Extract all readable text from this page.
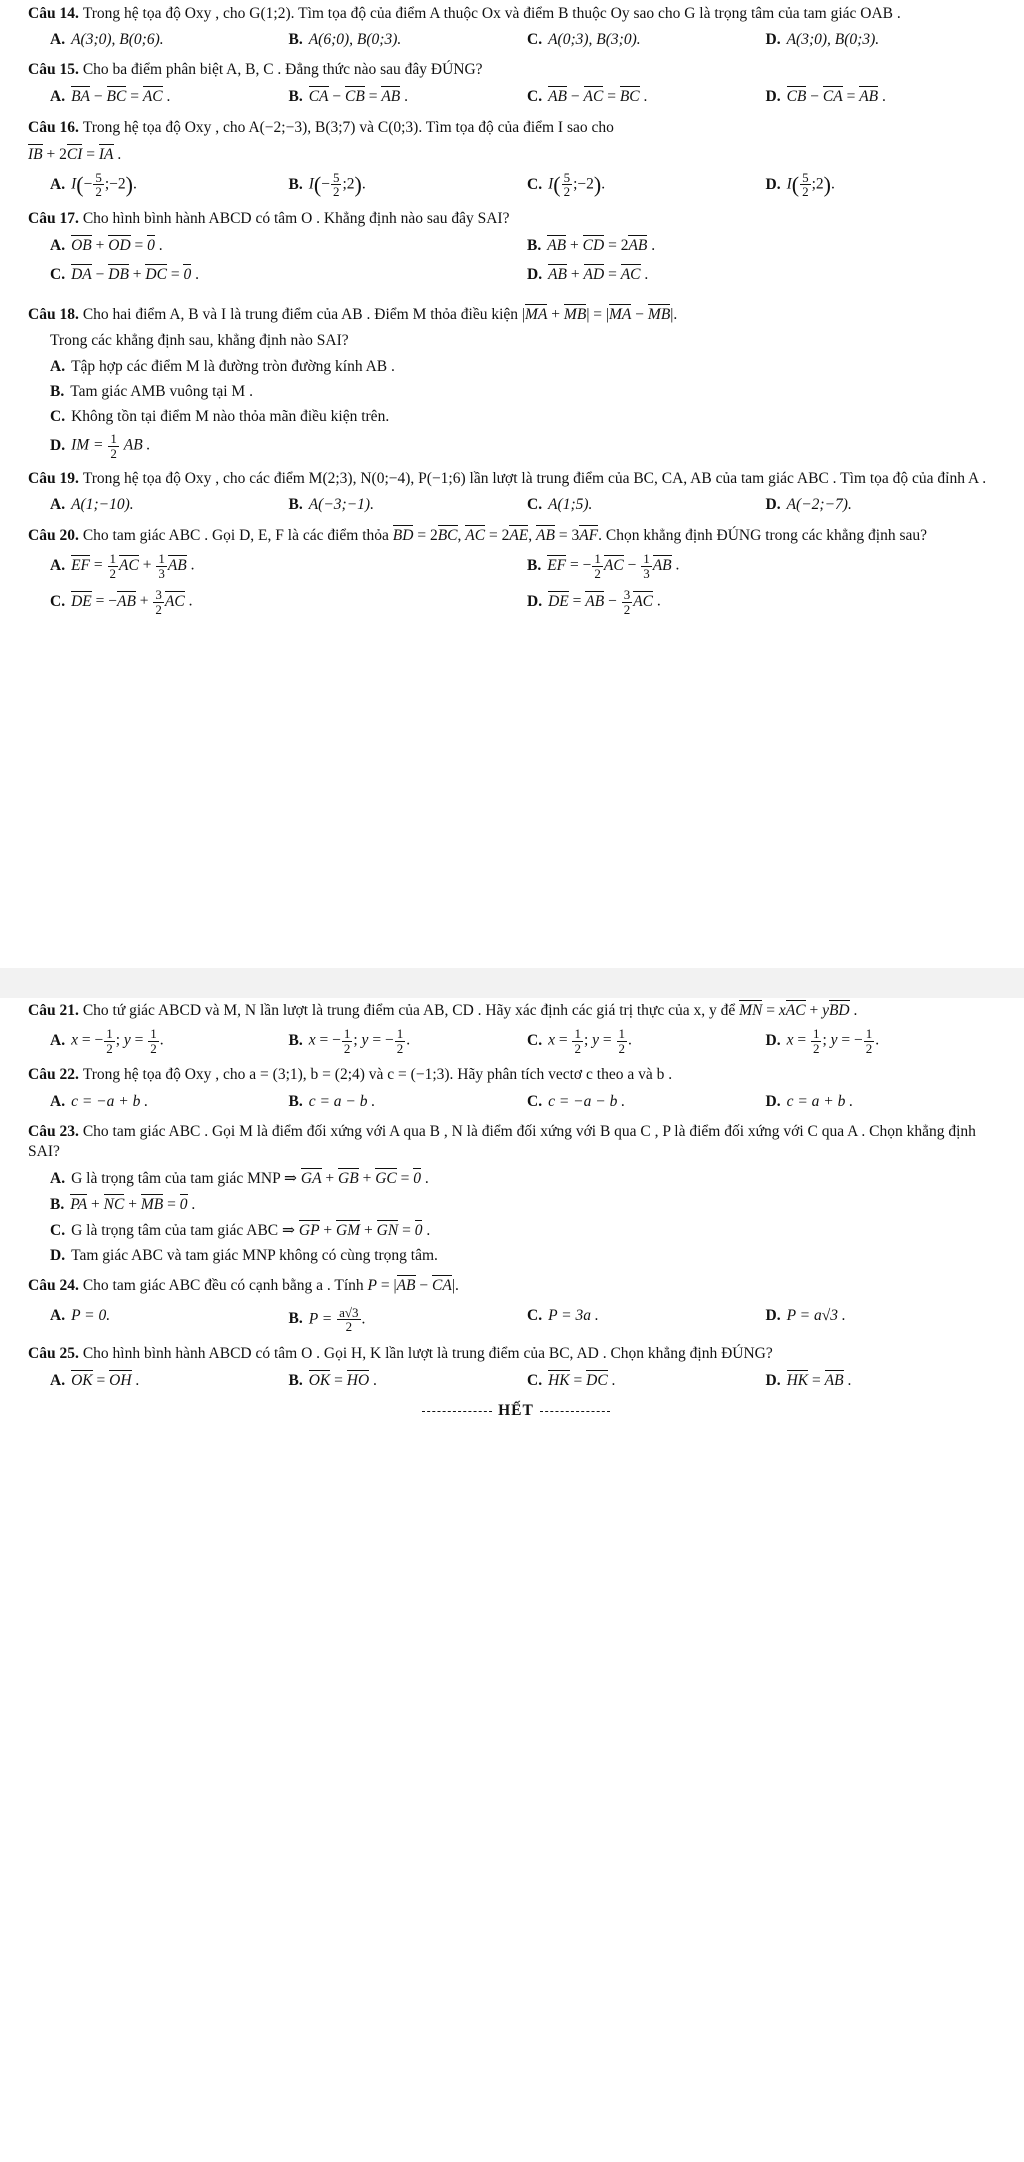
Câu 14. Trong hệ tọa độ Oxy , cho G(1;2). Tìm tọa độ của điểm A thuộc Ox và điểm B thuộc Oy sao cho G là trọng tâm của tam giác OAB .

A. A(3;0), B(0;6).	B. A(6;0), B(0;3).	C. A(0;3), B(3;0).	D. A(3;0), B(0;3).

Câu 15. Cho ba điểm phân biệt A, B, C . Đẳng thức nào sau đây ĐÚNG?

A. BA − BC = AC .	B. CA − CB = AB .	C. AB − AC = BC .	D. CB − CA = AB .

Câu 16. Trong hệ tọa độ Oxy , cho A(−2;−3), B(3;7) và C(0;3). Tìm tọa độ của điểm I sao cho

IB + 2CI = IA .

A. $I(- \frac{5}{2}$ ;−2).	B. $I(- \frac{5}{2}$ ;2).	C. $I( \frac{5}{2}$ ;−2).	D. $I( \frac{5}{2}$ ;2).

Câu 17. Cho hình bình hành ABCD có tâm O . Khẳng định nào sau đây SAI?

A. OB + OD = 0 .	B. AB + CD = 2AB .
C. DA − DB + DC = 0 .	D. AB + AD = AC .

Câu 18. Cho hai điểm A, B và I là trung điểm của AB . Điểm M thỏa điều kiện |MA + MB| = |MA − MB|.

Trong các khẳng định sau, khẳng định nào SAI?

A. Tập hợp các điểm M là đường tròn đường kính AB .
B. Tam giác AMB vuông tại M .
C. Không tồn tại điểm M nào thỏa mãn điều kiện trên.
D. IM = $\frac{1}{2}$ AB .

Câu 19. Trong hệ tọa độ Oxy , cho các điểm M(2;3), N(0;−4), P(−1;6) lần lượt là trung điểm của BC, CA, AB của tam giác ABC . Tìm tọa độ của đỉnh A .

A. A(1;−10).	B. A(−3;−1).	C. A(1;5).	D. A(−2;−7).

Câu 20. Cho tam giác ABC . Gọi D, E, F là các điểm thỏa BD = 2BC, AC = 2AE, AB = 3AF. Chọn khẳng định ĐÚNG trong các khẳng định sau?

A. EF = $\frac{1}{2}$ AC + $\frac{1}{3}$ AB .	B. EF = − $\frac{1}{2}$ AC − $\frac{1}{3}$ AB .
C. DE = $-AB + \frac{3}{2}$ AC .	D. DE = AB − $\frac{3}{2}$ AC .

Câu 21. Cho tứ giác ABCD và M, N lần lượt là trung điểm của AB, CD . Hãy xác định các giá trị thực của x, y để MN = xAC + yBD .

A. x = − $\frac{1}{2}$ ; $y = \frac{1}{2}$ .	B. x = − $\frac{1}{2}$ ; y = − $\frac{1}{2}$ .	C. $x = \frac{1}{2}$ ; $y = \frac{1}{2}$ .	D. $x = \frac{1}{2}$ ; y = − $\frac{1}{2}$ .

Câu 22. Trong hệ tọa độ Oxy , cho a = (3;1), b = (2;4) và c = (−1;3). Hãy phân tích vectơ c theo a và b .

A. c = −a + b .	B. c = a − b .	C. c = −a − b .	D. c = a + b .

Câu 23. Cho tam giác ABC . Gọi M là điểm đối xứng với A qua B , N là điểm đối xứng với B qua C , P là điểm đối xứng với C qua A . Chọn khẳng định SAI?

A. G là trọng tâm của tam giác MNP ⇒ GA + GB + GC = 0 .
B. PA + NC + MB = 0 .
C. G là trọng tâm của tam giác ABC ⇒ GP + GM + GN = 0 .
D. Tam giác ABC và tam giác MNP không có cùng trọng tâm.

Câu 24. Cho tam giác ABC đều có cạnh bằng a . Tính P = |AB − CA|.

A. P = 0.	B. $P = \frac{a√3}{2}$ .	C. P = 3a .	D. P = a√3 .

Câu 25. Cho hình bình hành ABCD có tâm O . Gọi H, K lần lượt là trung điểm của BC, AD . Chọn khẳng định ĐÚNG?

A. OK = OH .	B. OK = HO .	C. HK = DC .	D. HK = AB .
HẾT
